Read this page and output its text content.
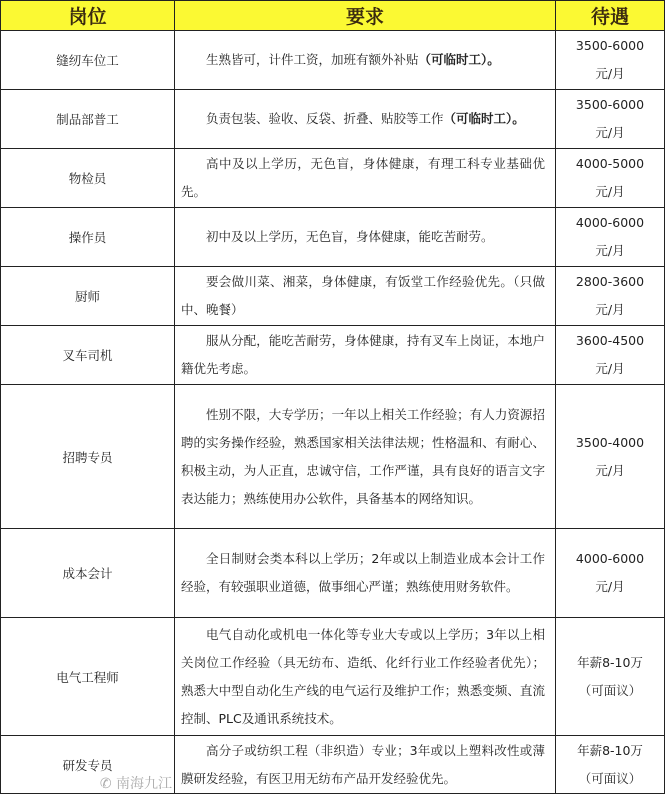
岗位	要求	待遇
缝纫车位工	生熟皆可，计件工资，加班有额外补贴（可临时工）。	3500-6000
元/月

制品部普工	负责包装、验收、反袋、折叠、贴胶等工作（可临时工）。	3500-6000
元/月

物检员	高中及以上学历，无色盲，身体健康，有理工科专业基础优先。	4000-5000
元/月

操作员	初中及以上学历，无色盲，身体健康，能吃苦耐劳。	4000-6000
元/月

厨师	要会做川菜、湘菜，身体健康，有饭堂工作经验优先。（只做中、晚餐）	2800-3600
元/月

叉车司机	服从分配，能吃苦耐劳，身体健康，持有叉车上岗证，本地户籍优先考虑。	3600-4500
元/月

招聘专员	性别不限，大专学历；一年以上相关工作经验；有人力资源招聘的实务操作经验，熟悉国家相关法律法规；性格温和、有耐心、积极主动，为人正直，忠诚守信，工作严谨，具有良好的语言文字表达能力；熟练使用办公软件，具备基本的网络知识。	3500-4000
元/月

成本会计	全日制财会类本科以上学历；2年或以上制造业成本会计工作经验，有较强职业道德，做事细心严谨；熟练使用财务软件。	4000-6000
元/月

电气工程师	电气自动化或机电一体化等专业大专或以上学历；3年以上相关岗位工作经验（具无纺布、造纸、化纤行业工作经验者优先）；熟悉大中型自动化生产线的电气运行及维护工作；熟悉变频、直流控制、PLC及通讯系统技术。	年薪8-10万
（可面议）

研发专员	高分子或纺织工程（非织造）专业；3年或以上塑料改性或薄膜研发经验，有医卫用无纺布产品开发经验优先。	年薪8-10万
（可面议）
✆ 南海九江
